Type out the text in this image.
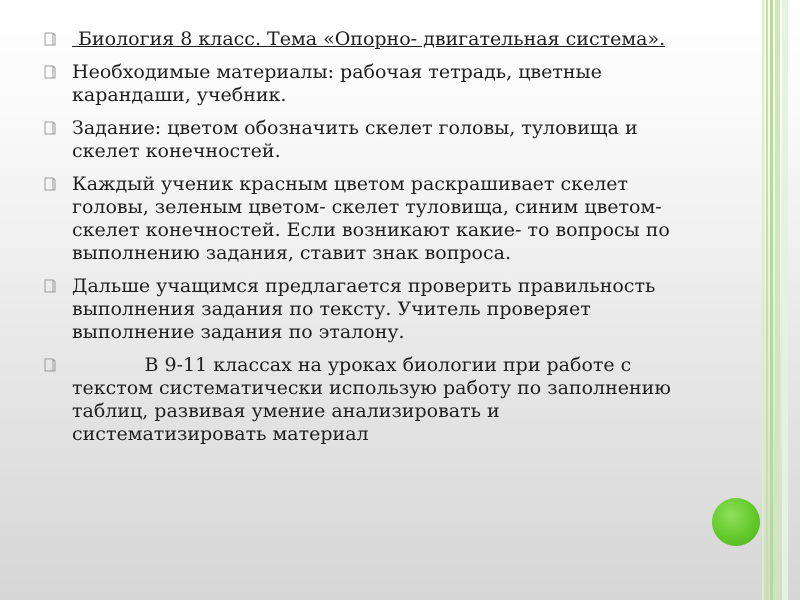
Биология 8 класс. Тема «Опорно- двигательная система».
Необходимые материалы: рабочая тетрадь, цветные карандаши, учебник.
Задание: цветом обозначить скелет головы, туловища и скелет конечностей.
Каждый ученик красным цветом раскрашивает скелет головы, зеленым цветом- скелет туловища, синим цветом- скелет конечностей. Если возникают какие- то вопросы по выполнению задания, ставит знак вопроса.
Дальше учащимся предлагается проверить правильность выполнения задания по тексту. Учитель проверяет выполнение задания по эталону.
В 9-11 классах на уроках биологии при работе с текстом систематически использую работу по заполнению таблиц, развивая умение анализировать и систематизировать материал
